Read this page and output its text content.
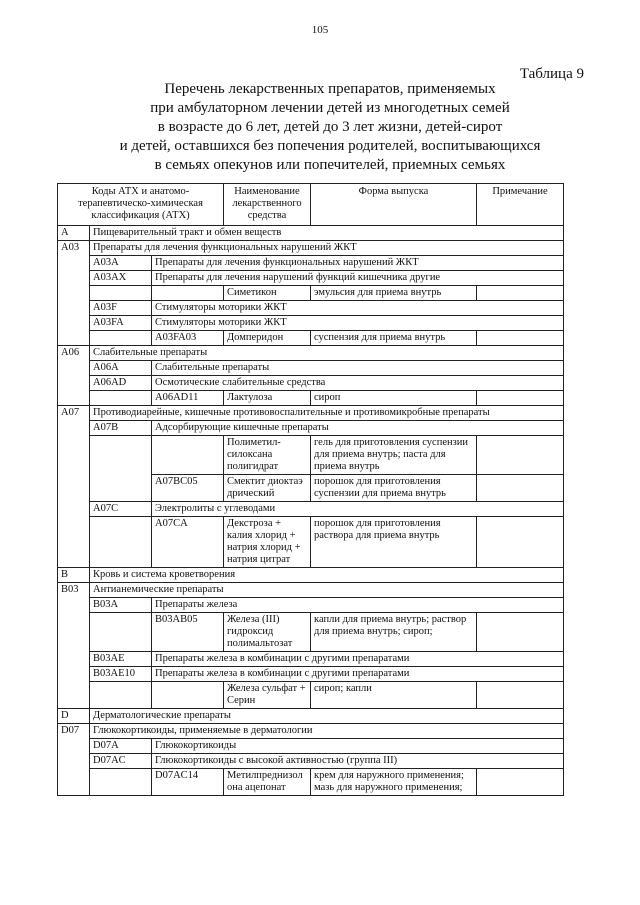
105
Таблица 9
Перечень лекарственных препаратов, применяемых
при амбулаторном лечении детей из многодетных семей
в возрасте до 6 лет, детей до 3 лет жизни, детей-сирот
и детей, оставшихся без попечения родителей, воспитывающихся
в семьях опекунов или попечителей, приемных семьях
Коды АТХ и анатомо-терапевтическо-химическая классификация (АТХ)			Наименование лекарственного средства	Форма выпуска	Примечание
A	Пищеварительный тракт и обмен веществ				
A03	Препараты для лечения функциональных нарушений ЖКТ				
	A03A	Препараты для лечения функциональных нарушений ЖКТ			
	A03AX	Препараты для лечения нарушений функций кишечника другие			
			Симетикон	эмульсия для приема внутрь	
	A03F	Стимуляторы моторики ЖКТ			
	A03FA	Стимуляторы моторики ЖКТ			
		A03FA03	Домперидон	суспензия для приема внутрь	
A06	Слабительные препараты				
	A06A	Слабительные препараты			
	A06AD	Осмотические слабительные средства			
		A06AD11	Лактулоза	сироп	
A07	Противодиарейные, кишечные противовоспалительные и противомикробные препараты				
	A07B	Адсорбирующие кишечные препараты			
			Полиметил-силоксана полигидрат	гель для приготовления суспензии для приема внутрь; паста для приема внутрь	
		A07BC05	Смектит диоктаэдрический	порошок для приготовления суспензии для приема внутрь	
	A07C	Электролиты с углеводами			
		A07CA	Декстроза + калия хлорид + натрия хлорид + натрия цитрат	порошок для приготовления раствора для приема внутрь	
B	Кровь и система кроветворения				
B03	Антианемические препараты				
	B03A	Препараты железа			
		B03AB05	Железа (III) гидроксид полимальтозат	капли для приема внутрь; раствор для приема внутрь; сироп;	
	B03AE	Препараты железа в комбинации с другими препаратами			
	B03AE10	Препараты железа в комбинации с другими препаратами			
			Железа сульфат + Серин	сироп; капли	
D	Дерматологические препараты				
D07	Глюкокортикоиды, применяемые в дерматологии				
	D07A	Глюкокортикоиды			
	D07AC	Глюкокортикоиды с высокой активностью (группа III)			
		D07AC14	Метилпреднизолона ацепонат	крем для наружного применения; мазь для наружного применения;	
